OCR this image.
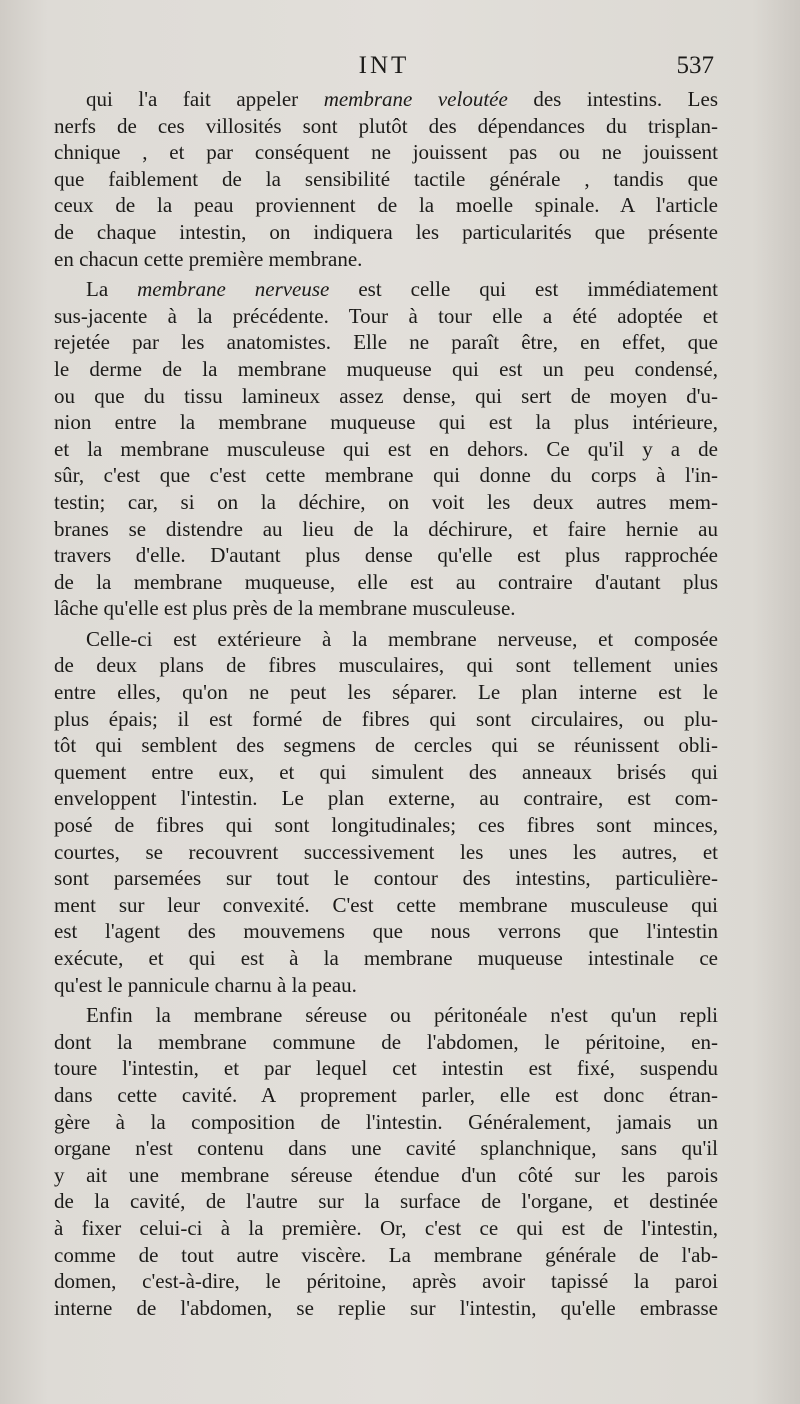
INT	537
qui l'a fait appeler membrane veloutée des intestins. Les
nerfs de ces villosités sont plutôt des dépendances du trisplan-
chnique , et par conséquent ne jouissent pas ou ne jouissent
que faiblement de la sensibilité tactile générale , tandis que
ceux de la peau proviennent de la moelle spinale. A l'article
de chaque intestin, on indiquera les particularités que présente
en chacun cette première membrane.
La membrane nerveuse est celle qui est immédiatement
sus-jacente à la précédente. Tour à tour elle a été adoptée et
rejetée par les anatomistes. Elle ne paraît être, en effet, que
le derme de la membrane muqueuse qui est un peu condensé,
ou que du tissu lamineux assez dense, qui sert de moyen d'u-
nion entre la membrane muqueuse qui est la plus intérieure,
et la membrane musculeuse qui est en dehors. Ce qu'il y a de
sûr, c'est que c'est cette membrane qui donne du corps à l'in-
testin; car, si on la déchire, on voit les deux autres mem-
branes se distendre au lieu de la déchirure, et faire hernie au
travers d'elle. D'autant plus dense qu'elle est plus rapprochée
de la membrane muqueuse, elle est au contraire d'autant plus
lâche qu'elle est plus près de la membrane musculeuse.
Celle-ci est extérieure à la membrane nerveuse, et composée
de deux plans de fibres musculaires, qui sont tellement unies
entre elles, qu'on ne peut les séparer. Le plan interne est le
plus épais; il est formé de fibres qui sont circulaires, ou plu-
tôt qui semblent des segmens de cercles qui se réunissent obli-
quement entre eux, et qui simulent des anneaux brisés qui
enveloppent l'intestin. Le plan externe, au contraire, est com-
posé de fibres qui sont longitudinales; ces fibres sont minces,
courtes, se recouvrent successivement les unes les autres, et
sont parsemées sur tout le contour des intestins, particulière-
ment sur leur convexité. C'est cette membrane musculeuse qui
est l'agent des mouvemens que nous verrons que l'intestin
exécute, et qui est à la membrane muqueuse intestinale ce
qu'est le pannicule charnu à la peau.
Enfin la membrane séreuse ou péritonéale n'est qu'un repli
dont la membrane commune de l'abdomen, le péritoine, en-
toure l'intestin, et par lequel cet intestin est fixé, suspendu
dans cette cavité. A proprement parler, elle est donc étran-
gère à la composition de l'intestin. Généralement, jamais un
organe n'est contenu dans une cavité splanchnique, sans qu'il
y ait une membrane séreuse étendue d'un côté sur les parois
de la cavité, de l'autre sur la surface de l'organe, et destinée
à fixer celui-ci à la première. Or, c'est ce qui est de l'intestin,
comme de tout autre viscère. La membrane générale de l'ab-
domen, c'est-à-dire, le péritoine, après avoir tapissé la paroi
interne de l'abdomen, se replie sur l'intestin, qu'elle embrasse
